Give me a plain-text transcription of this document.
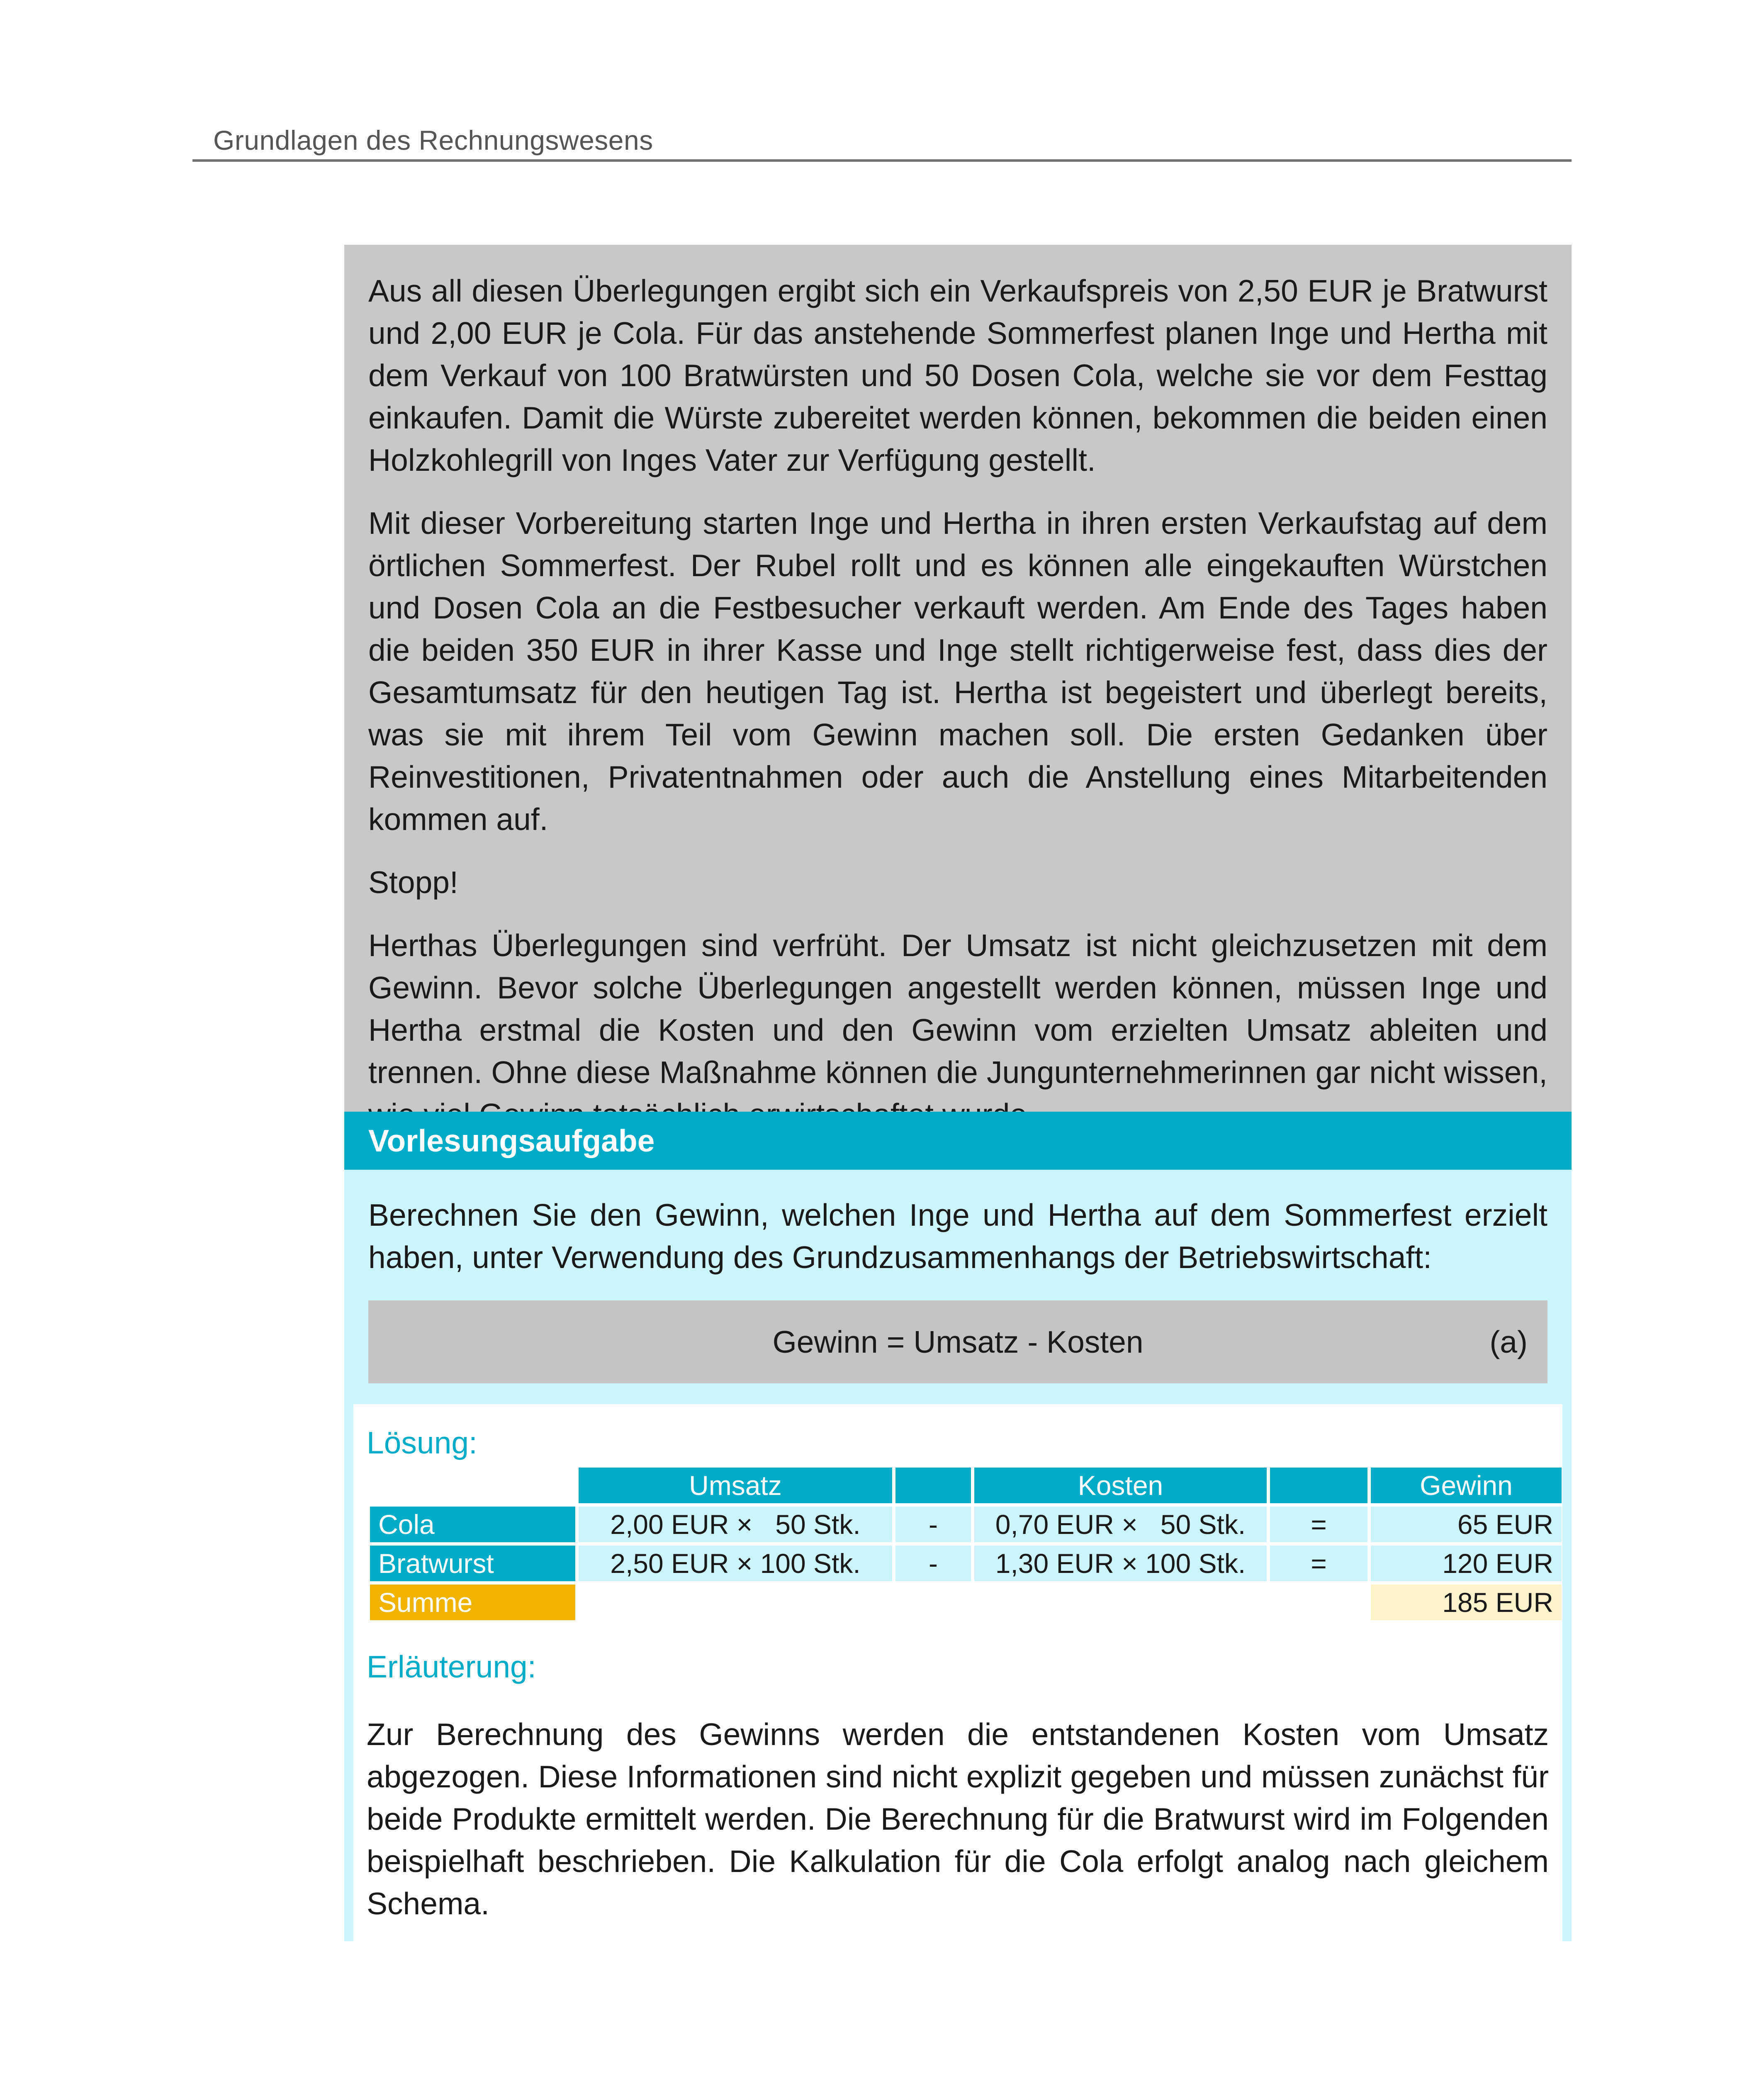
Grundlagen des Rechnungswesens

Aus all diesen Überlegungen ergibt sich ein Verkaufspreis von 2,50 EUR je Bratwurst und 2,00 EUR je Cola. Für das anstehende Sommerfest planen Inge und Hertha mit dem Verkauf von 100 Bratwürsten und 50 Dosen Cola, welche sie vor dem Festtag einkaufen. Damit die Würste zubereitet werden können, bekommen die beiden einen Holzkohlegrill von Inges Vater zur Verfügung gestellt.

Mit dieser Vorbereitung starten Inge und Hertha in ihren ersten Verkaufstag auf dem örtlichen Sommerfest. Der Rubel rollt und es können alle eingekauften Würstchen und Dosen Cola an die Festbesucher verkauft werden. Am Ende des Tages haben die beiden 350 EUR in ihrer Kasse und Inge stellt richtigerweise fest, dass dies der Gesamtumsatz für den heutigen Tag ist. Hertha ist begeistert und überlegt bereits, was sie mit ihrem Teil vom Gewinn machen soll. Die ersten Gedanken über Reinvestitionen, Privatentnahmen oder auch die Anstellung eines Mitarbeitenden kommen auf.

Stopp!

Herthas Überlegungen sind verfrüht. Der Umsatz ist nicht gleichzusetzen mit dem Gewinn. Bevor solche Überlegungen angestellt werden können, müssen Inge und Hertha erstmal die Kosten und den Gewinn vom erzielten Umsatz ableiten und trennen. Ohne diese Maßnahme können die Jungunternehmerinnen gar nicht wissen,

Vorlesungsaufgabe

Berechnen Sie den Gewinn, welchen Inge und Hertha auf dem Sommerfest erzielt haben, unter Verwendung des Grundzusammenhangs der Betriebswirtschaft:

Gewinn = Umsatz - Kosten	(a)
Lösung:
	Umsatz		Kosten		Gewinn
Cola	2,00 EUR ×   50 Stk.	-	0,70 EUR ×   50 Stk.	=	65 EUR
Bratwurst	2,50 EUR × 100 Stk.	-	1,30 EUR × 100 Stk.	=	120 EUR
Summe					185 EUR
Erläuterung:

Zur Berechnung des Gewinns werden die entstandenen Kosten vom Umsatz abgezogen. Diese Informationen sind nicht explizit gegeben und müssen zunächst für beide Produkte ermittelt werden. Die Berechnung für die Bratwurst wird im Folgenden beispielhaft beschrieben. Die Kalkulation für die Cola erfolgt analog nach gleichem Schema.
